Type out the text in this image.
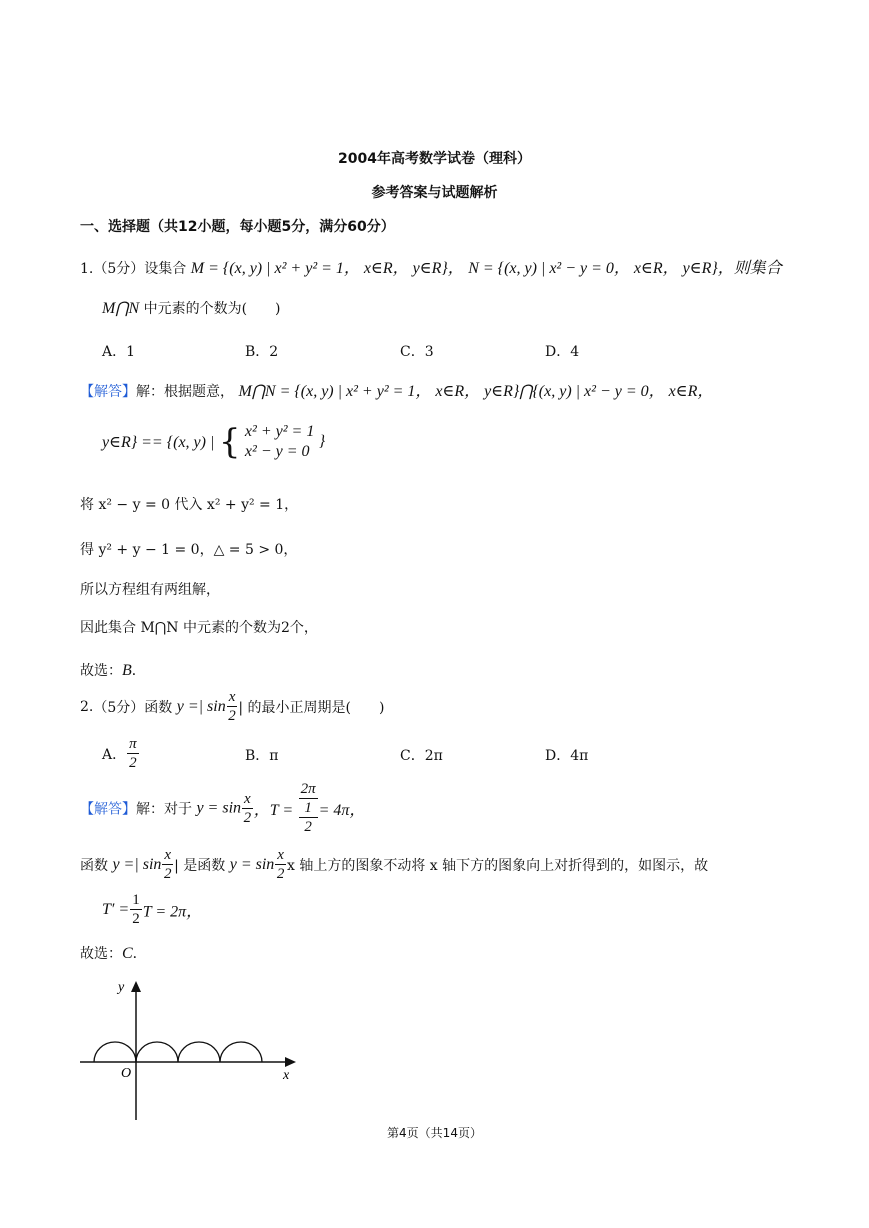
2004年高考数学试卷（理科）
参考答案与试题解析
一、选择题（共12小题，每小题5分，满分60分）
1.（5分）设集合 M = {(x, y) | x² + y² = 1， x∈R， y∈R}， N = {(x, y) | x² − y = 0， x∈R， y∈R}，则集合
M⋂N 中元素的个数为(　　)
A．1	B．2	C．3	D．4
【解答】解：根据题意， M⋂N = {(x, y) | x² + y² = 1， x∈R， y∈R}⋂{(x, y) | x² − y = 0， x∈R，
y∈R} == {(x, y) | { x² + y² = 1
x² − y = 0
}
将 x² − y = 0 代入 x² + y² = 1，
得 y² + y − 1 = 0，△ = 5 > 0，
所以方程组有两组解，
因此集合 M⋂N 中元素的个数为2个，
故选：B．
2.（5分）函数 y =| $\sin \frac{x}{2}$ | 的最小正周期是(　　)
A． $\frac{\pi}{2}$	B．π	C．2π	D．4π
【解答】解：对于 $y = \sin \frac{x}{2}$ ，T = 2π
1
2 = 4π，
函数 y =| $\sin \frac{x}{2}$ | 是函数 $y = \sin \frac{x}{2}$ x 轴上方的图象不动将 x 轴下方的图象向上对折得到的，如图示，故
$T' = \frac{1}{2}$ T = 2π，
故选：C．
y
x
O
第4页（共14页）
